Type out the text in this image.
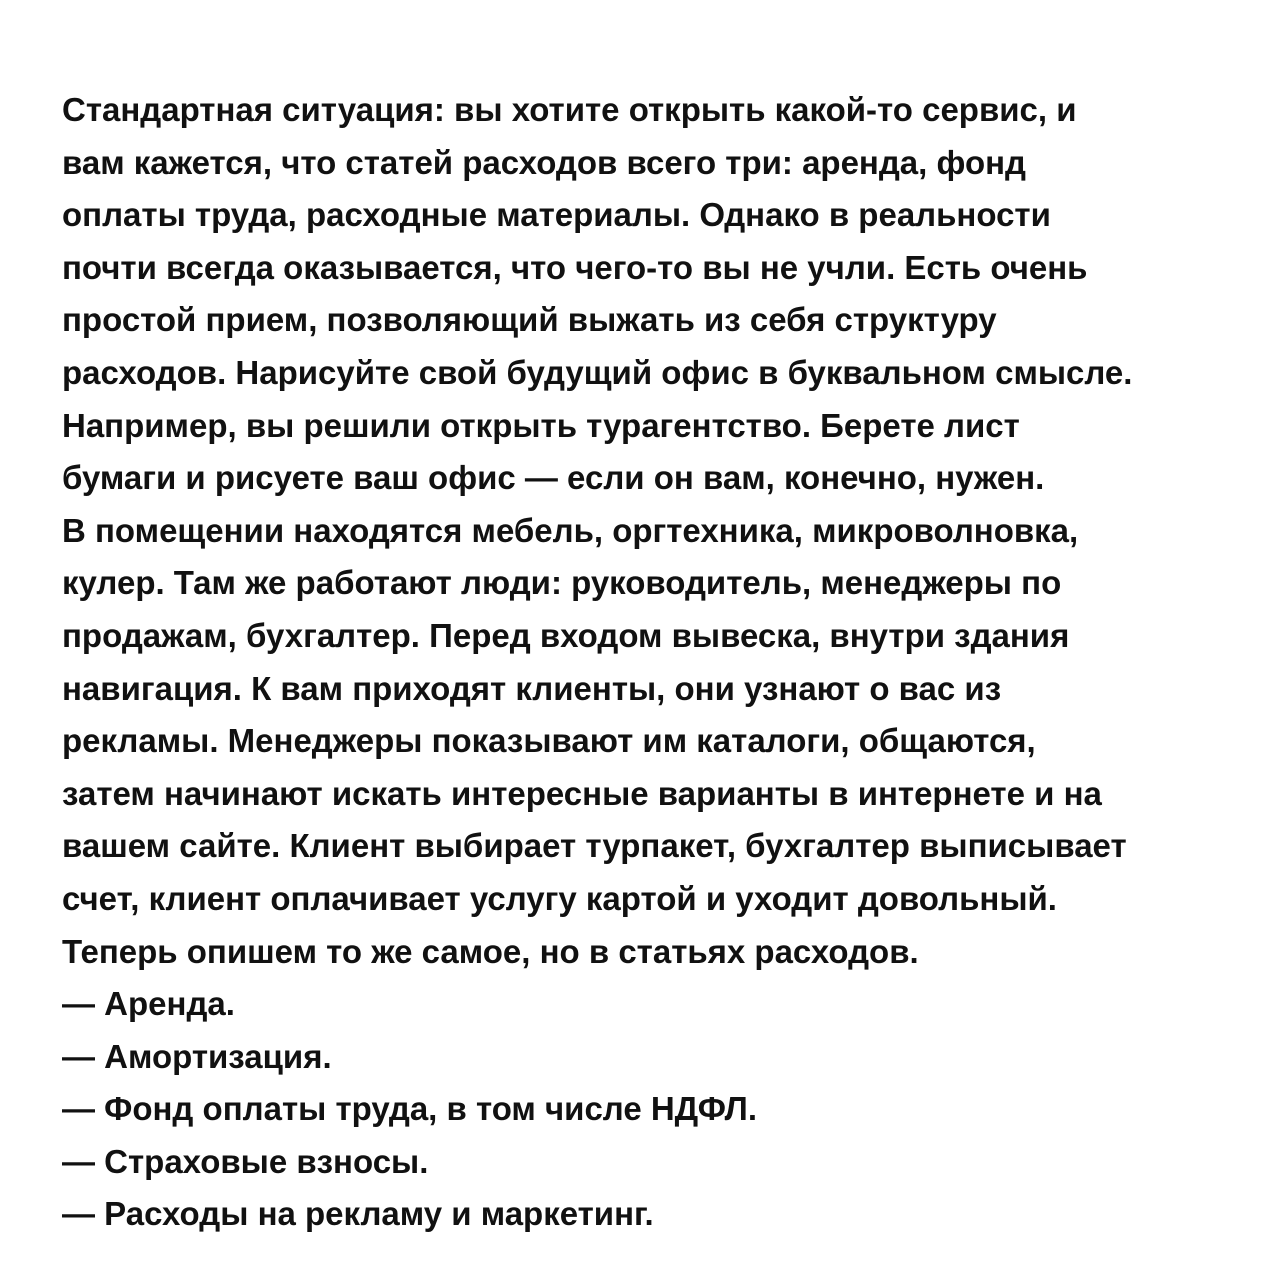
Стандартная ситуация: вы хотите открыть какой-то сервис, и
вам кажется, что статей расходов всего три: аренда, фонд
оплаты труда, расходные материалы. Однако в реальности
почти всегда оказывается, что чего-то вы не учли. Есть очень
простой прием, позволяющий выжать из себя структуру
расходов. Нарисуйте свой будущий офис в буквальном смысле.
Например, вы решили открыть турагентство. Берете лист
бумаги и рисуете ваш офис — если он вам, конечно, нужен.
В помещении находятся мебель, оргтехника, микроволновка,
кулер. Там же работают люди: руководитель, менеджеры по
продажам, бухгалтер. Перед входом вывеска, внутри здания
навигация. К вам приходят клиенты, они узнают о вас из
рекламы. Менеджеры показывают им каталоги, общаются,
затем начинают искать интересные варианты в интернете и на
вашем сайте. Клиент выбирает турпакет, бухгалтер выписывает
счет, клиент оплачивает услугу картой и уходит довольный.
Теперь опишем то же самое, но в статьях расходов.
— Аренда.
— Амортизация.
— Фонд оплаты труда, в том числе НДФЛ.
— Страховые взносы.
— Расходы на рекламу и маркетинг.
